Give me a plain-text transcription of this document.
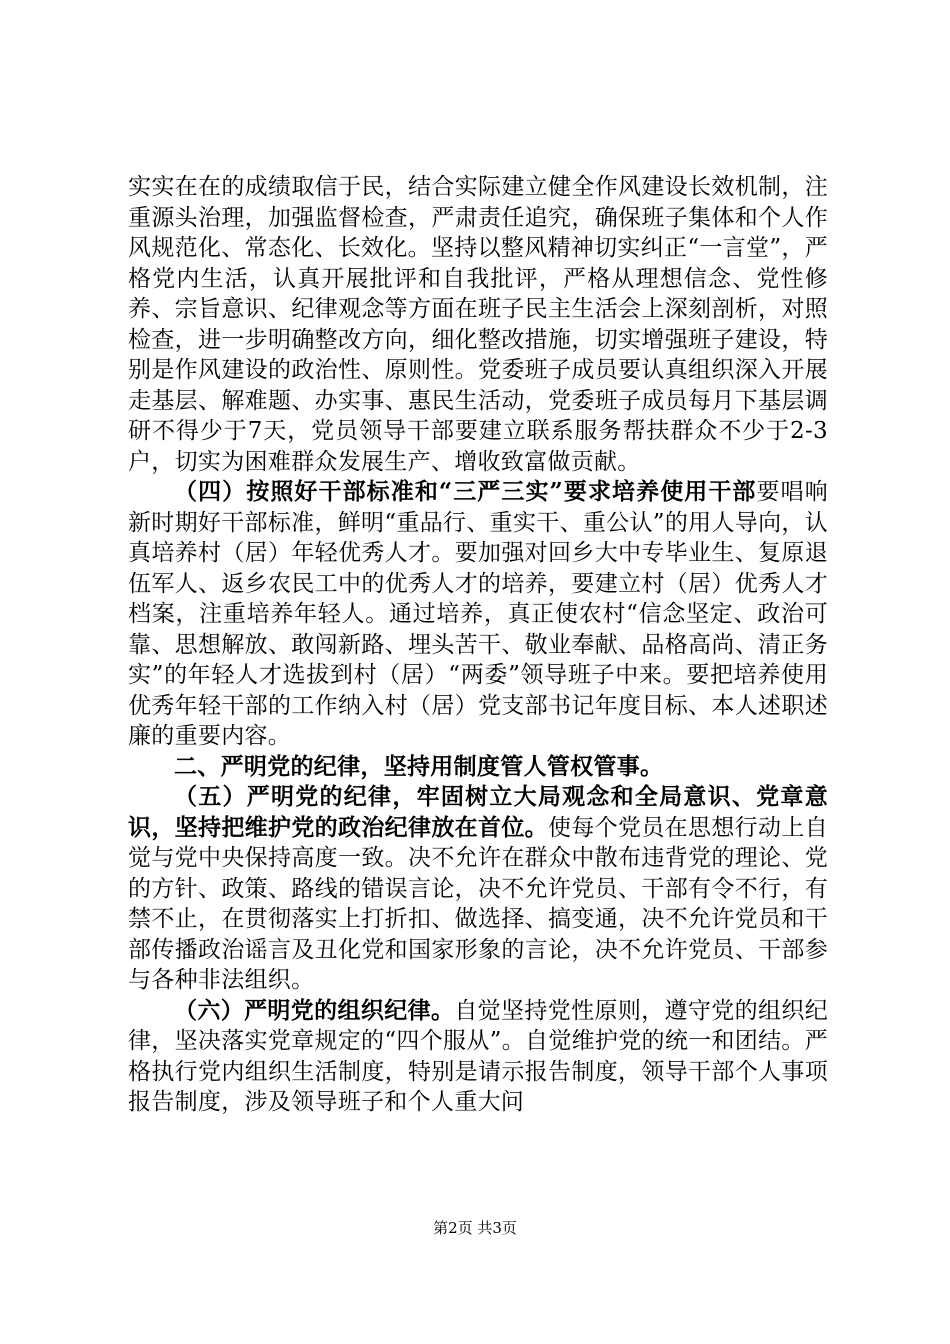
实实在在的成绩取信于民，结合实际建立健全作风建设长效机制，注重源头治理，加强监督检查，严肃责任追究，确保班子集体和个人作风规范化、常态化、长效化。坚持以整风精神切实纠正“一言堂”，严格党内生活，认真开展批评和自我批评，严格从理想信念、党性修养、宗旨意识、纪律观念等方面在班子民主生活会上深刻剖析，对照检查，进一步明确整改方向，细化整改措施，切实增强班子建设，特别是作风建设的政治性、原则性。党委班子成员要认真组织深入开展走基层、解难题、办实事、惠民生活动，党委班子成员每月下基层调研不得少于7天，党员领导干部要建立联系服务帮扶群众不少于2-3户，切实为困难群众发展生产、增收致富做贡献。

（四）按照好干部标准和“三严三实”要求培养使用干部要唱响新时期好干部标准，鲜明“重品行、重实干、重公认”的用人导向，认真培养村（居）年轻优秀人才。要加强对回乡大中专毕业生、复原退伍军人、返乡农民工中的优秀人才的培养，要建立村（居）优秀人才档案，注重培养年轻人。通过培养，真正使农村“信念坚定、政治可靠、思想解放、敢闯新路、埋头苦干、敬业奉献、品格高尚、清正务实”的年轻人才选拔到村（居）“两委”领导班子中来。要把培养使用优秀年轻干部的工作纳入村（居）党支部书记年度目标、本人述职述廉的重要内容。

二、严明党的纪律，坚持用制度管人管权管事。

（五）严明党的纪律，牢固树立大局观念和全局意识、党章意识，坚持把维护党的政治纪律放在首位。使每个党员在思想行动上自觉与党中央保持高度一致。决不允许在群众中散布违背党的理论、党的方针、政策、路线的错误言论，决不允许党员、干部有令不行，有禁不止，在贯彻落实上打折扣、做选择、搞变通，决不允许党员和干部传播政治谣言及丑化党和国家形象的言论，决不允许党员、干部参与各种非法组织。

（六）严明党的组织纪律。自觉坚持党性原则，遵守党的组织纪律，坚决落实党章规定的“四个服从”。自觉维护党的统一和团结。严格执行党内组织生活制度，特别是请示报告制度，领导干部个人事项报告制度，涉及领导班子和个人重大问

第2页 共3页
